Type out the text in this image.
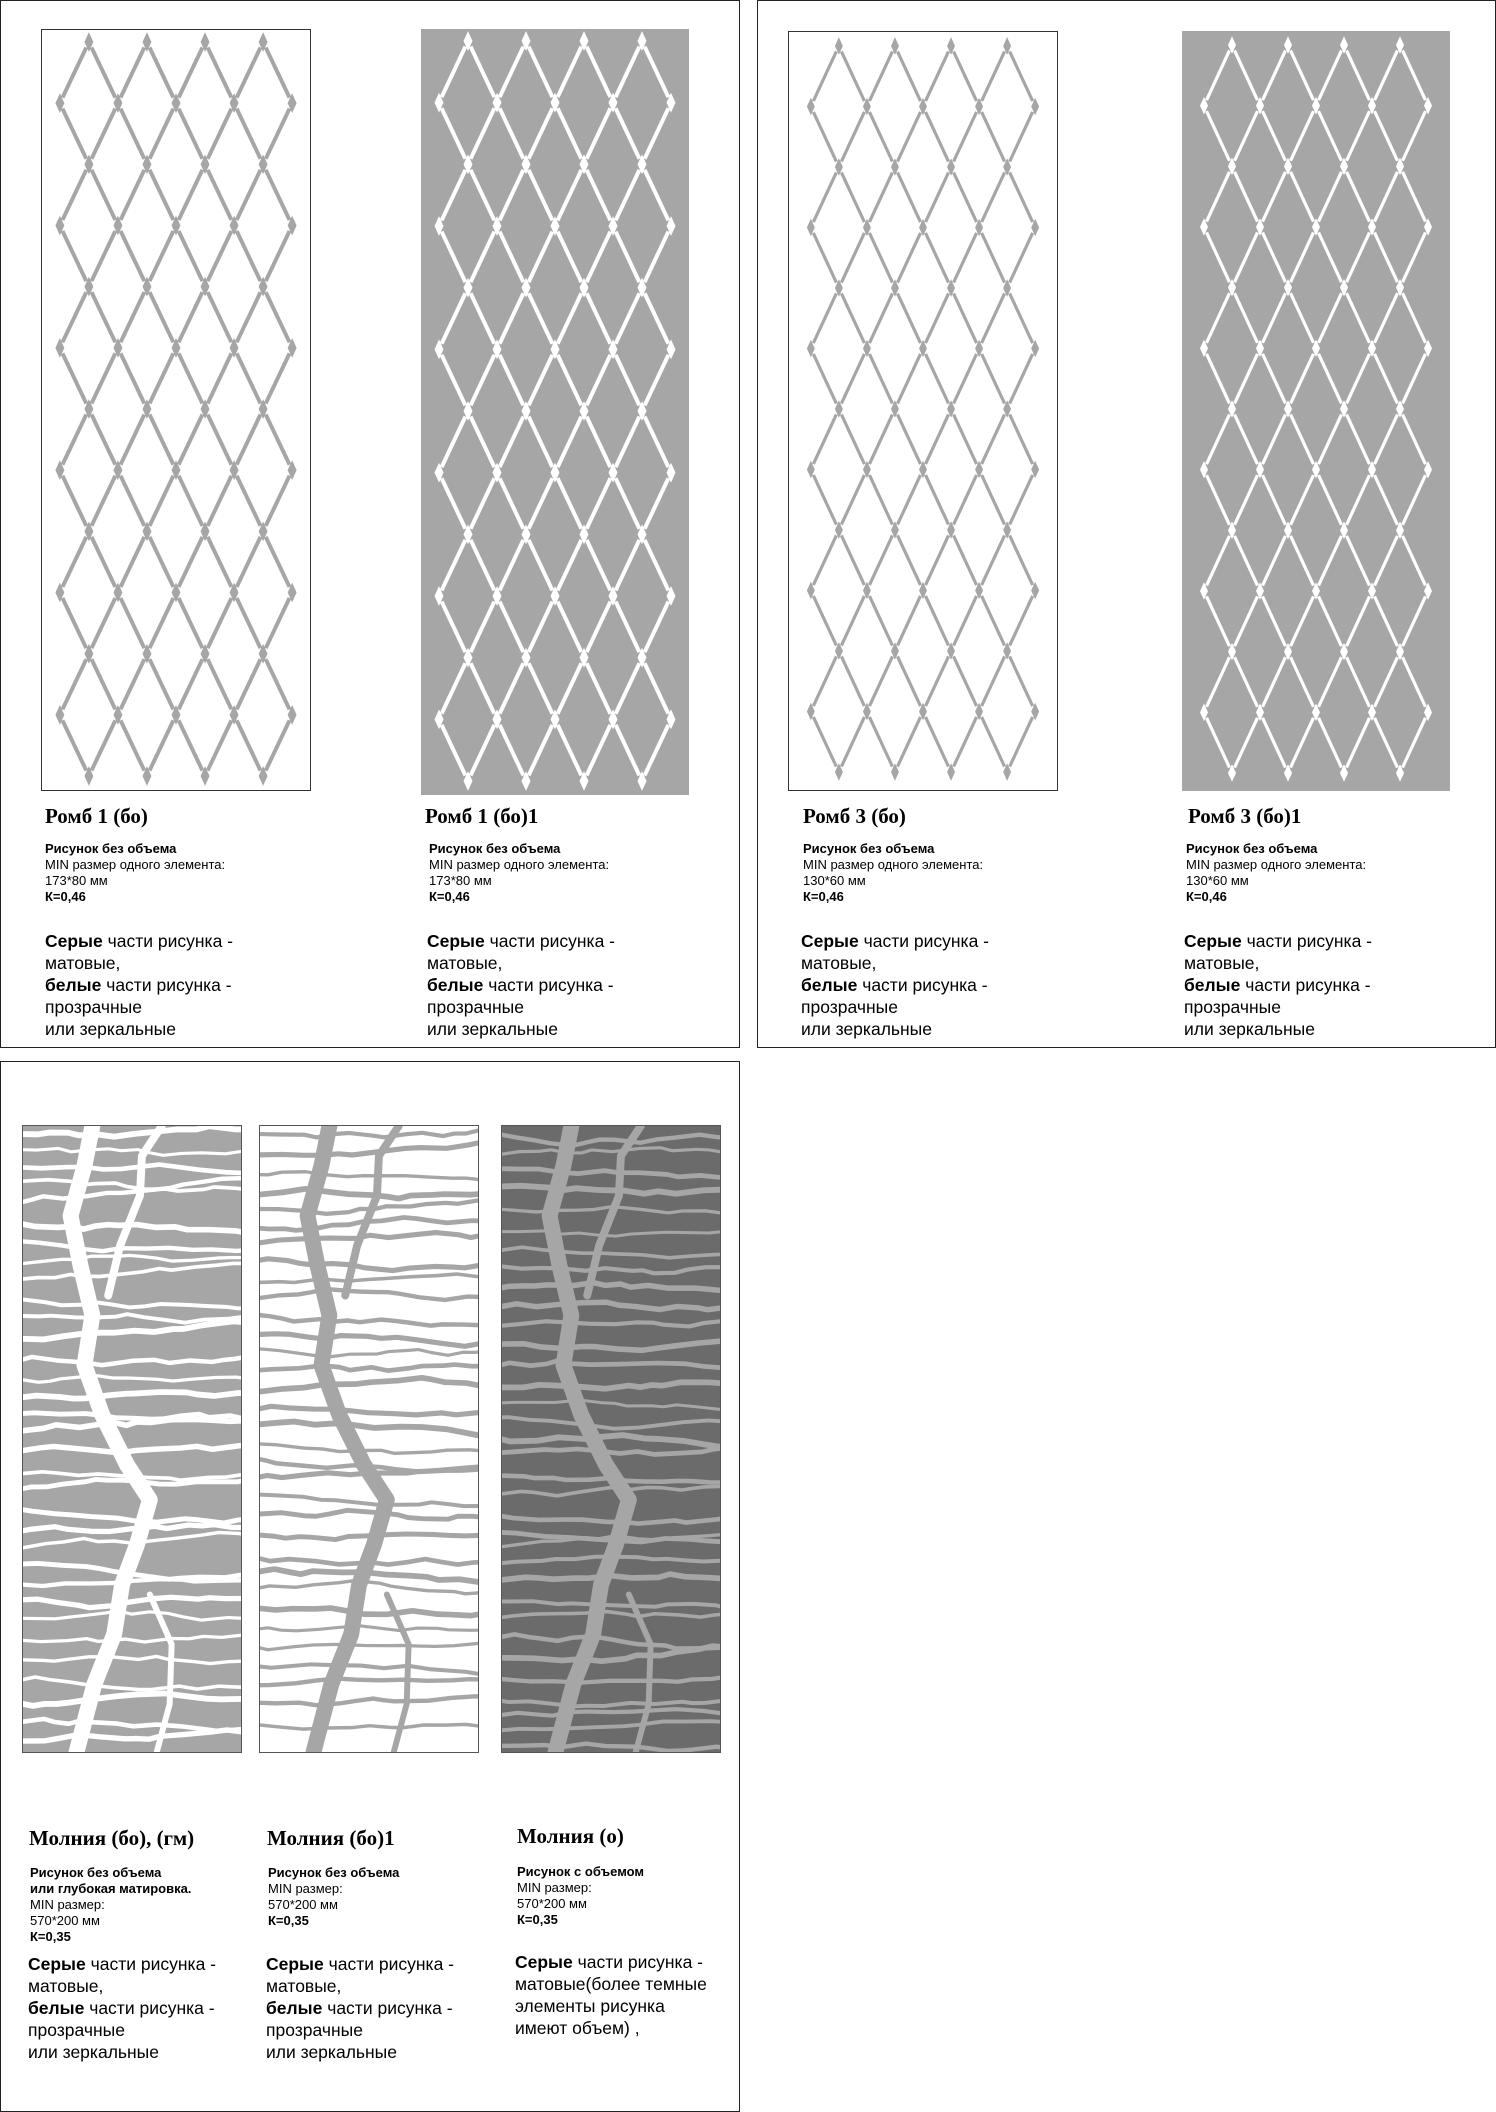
Ромб 1 (бо)
Рисунок без объема
MIN размер одного элемента:
173*80 мм
К=0,46
Серые части рисунка -
матовые,
белые части рисунка -
прозрачные
или зеркальные
Ромб 1 (бо)1
Рисунок без объема
MIN размер одного элемента:
173*80 мм
К=0,46
Серые части рисунка -
матовые,
белые части рисунка -
прозрачные
или зеркальные
Ромб 3 (бо)
Рисунок без объема
MIN размер одного элемента:
130*60 мм
К=0,46
Серые части рисунка -
матовые,
белые части рисунка -
прозрачные
или зеркальные
Ромб 3 (бо)1
Рисунок без объема
MIN размер одного элемента:
130*60 мм
К=0,46
Серые части рисунка -
матовые,
белые части рисунка -
прозрачные
или зеркальные
Молния (бо), (гм)
Рисунок без объема
или глубокая матировка.
MIN размер:
570*200 мм
К=0,35
Серые части рисунка -
матовые,
белые части рисунка -
прозрачные
или зеркальные
Молния (бо)1
Рисунок без объема
MIN размер:
570*200 мм
К=0,35
Серые части рисунка -
матовые,
белые части рисунка -
прозрачные
или зеркальные
Молния (о)
Рисунок с объемом
MIN размер:
570*200 мм
К=0,35
Серые части рисунка -
матовые(более темные
элементы рисунка
имеют объем) ,
